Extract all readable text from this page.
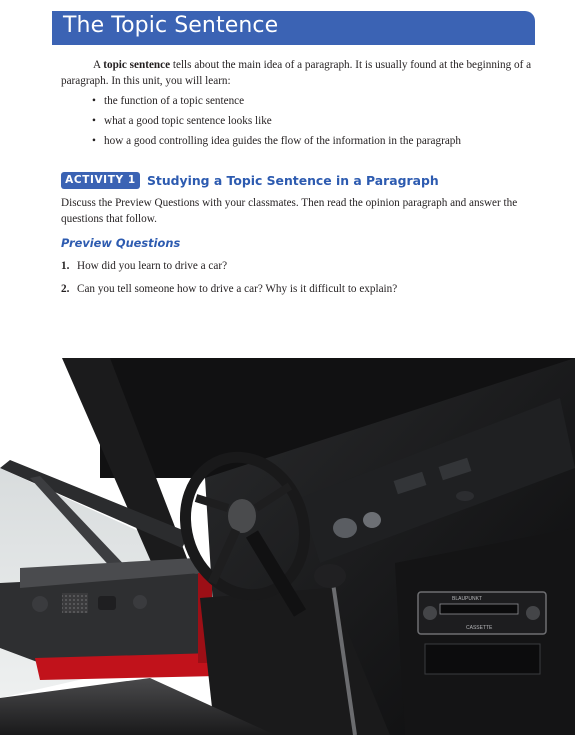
The Topic Sentence

A topic sentence tells about the main idea of a paragraph. It is usually found at the beginning of a paragraph. In this unit, you will learn:

• the function of a topic sentence
• what a good topic sentence looks like
• how a good controlling idea guides the flow of the information in the paragraph
ACTIVITY 1 Studying a Topic Sentence in a Paragraph

Discuss the Preview Questions with your classmates. Then read the opinion paragraph and answer the questions that follow.

Preview Questions
1. How did you learn to drive a car?
2. Can you tell someone how to drive a car? Why is it difficult to explain?
BLAUPUNKT
CASSETTE
